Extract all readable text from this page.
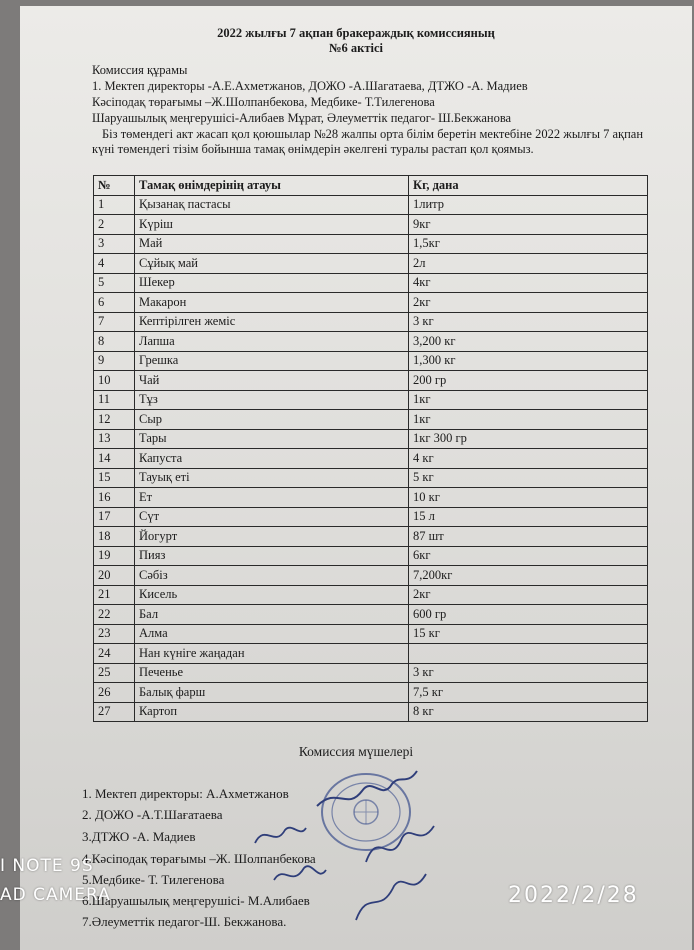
2022 жылғы 7 ақпан бракераждық комиссияның
№6 актісі
Комиссия құрамы
1. Мектеп директоры -А.Е.Ахметжанов, ДОЖО -А.Шагатаева, ДТЖО -А. Мадиев
Кәсіподақ төрағымы –Ж.Шолпанбекова, Медбике- Т.Тилегенова
Шаруашылық меңгерушісі-Алибаев Мұрат, Әлеуметтік педагог- Ш.Бекжанова
Біз төмендегі акт жасап қол қоюшылар №28 жалпы орта білім беретін мектебіне 2022 жылғы 7 ақпан күні төмендегі тізім бойынша тамақ өнімдерін әкелгені туралы растап қол қоямыз.
№	Тамақ өнімдерінің атауы	Кг, дана
1	Қызанақ пастасы	1литр
2	Күріш	9кг
3	Май	1,5кг
4	Сұйық май	2л
5	Шекер	4кг
6	Макарон	2кг
7	Кептірілген жеміс	3 кг
8	Лапша	3,200 кг
9	Грешка	1,300 кг
10	Чай	200 гр
11	Тұз	1кг
12	Сыр	1кг
13	Тары	1кг 300 гр
14	Капуста	4 кг
15	Тауық еті	5 кг
16	Ет	10 кг
17	Сүт	15 л
18	Йогурт	87 шт
19	Пияз	6кг
20	Сәбіз	7,200кг
21	Кисель	2кг
22	Бал	600 гр
23	Алма	15 кг
24	Нан күніге жаңадан	
25	Печенье	3 кг
26	Балық фарш	7,5 кг
27	Картоп	8 кг
Комиссия мүшелері
1. Мектеп директоры: А.Ахметжанов
2. ДОЖО -А.Т.Шағатаева
3.ДТЖО -А. Мадиев
4.Кәсіподақ төрағымы –Ж. Шолпанбекова
5.Медбике- Т. Тилегенова
6.Шаруашылық меңгерушісі- М.Алибаев
7.Әлеуметтік педагог-Ш. Бекжанова.
I NOTE 9S
AD CAMERA	2022/2/28
